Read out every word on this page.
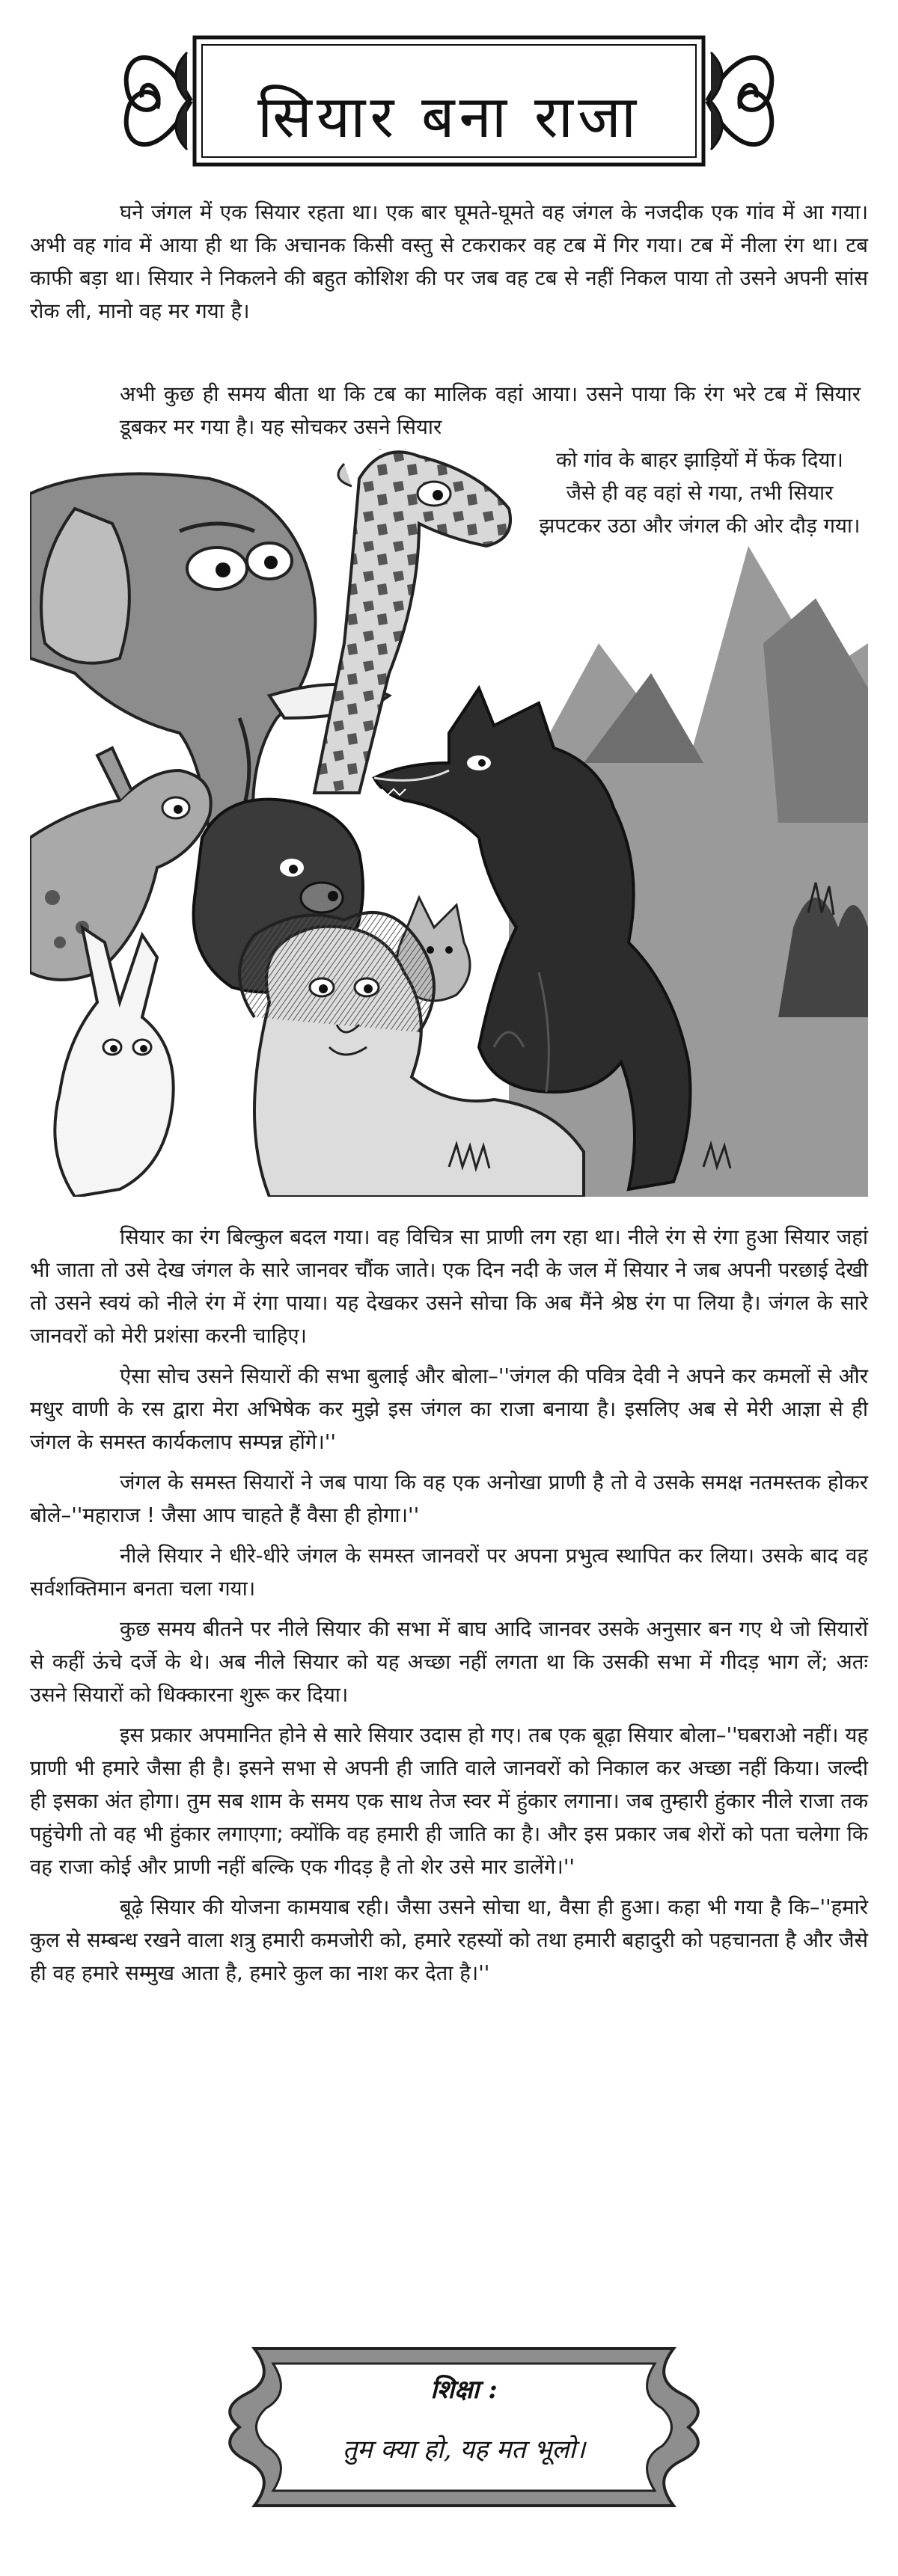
सियार बना राजा

घने जंगल में एक सियार रहता था। एक बार घूमते-घूमते वह जंगल के नजदीक एक गांव में आ गया। अभी वह गांव में आया ही था कि अचानक किसी वस्तु से टकराकर वह टब में गिर गया। टब में नीला रंग था। टब काफी बड़ा था। सियार ने निकलने की बहुत कोशिश की पर जब वह टब से नहीं निकल पाया तो उसने अपनी सांस रोक ली, मानो वह मर गया है।

अभी कुछ ही समय बीता था कि टब का मालिक वहां आया। उसने पाया कि रंग भरे टब में सियार डूबकर मर गया है। यह सोचकर उसने सियार

को गांव के बाहर झाड़ियों में फेंक दिया। जैसे ही वह वहां से गया, तभी सियार झपटकर उठा और जंगल की ओर दौड़ गया।

सियार का रंग बिल्कुल बदल गया। वह विचित्र सा प्राणी लग रहा था। नीले रंग से रंगा हुआ सियार जहां भी जाता तो उसे देख जंगल के सारे जानवर चौंक जाते। एक दिन नदी के जल में सियार ने जब अपनी परछाई देखी तो उसने स्वयं को नीले रंग में रंगा पाया। यह देखकर उसने सोचा कि अब मैंने श्रेष्ठ रंग पा लिया है। जंगल के सारे जानवरों को मेरी प्रशंसा करनी चाहिए।

ऐसा सोच उसने सियारों की सभा बुलाई और बोला–''जंगल की पवित्र देवी ने अपने कर कमलों से और मधुर वाणी के रस द्वारा मेरा अभिषेक कर मुझे इस जंगल का राजा बनाया है। इसलिए अब से मेरी आज्ञा से ही जंगल के समस्त कार्यकलाप सम्पन्न होंगे।''

जंगल के समस्त सियारों ने जब पाया कि वह एक अनोखा प्राणी है तो वे उसके समक्ष नतमस्तक होकर बोले–''महाराज ! जैसा आप चाहते हैं वैसा ही होगा।''

नीले सियार ने धीरे-धीरे जंगल के समस्त जानवरों पर अपना प्रभुत्व स्थापित कर लिया। उसके बाद वह सर्वशक्तिमान बनता चला गया।

कुछ समय बीतने पर नीले सियार की सभा में बाघ आदि जानवर उसके अनुसार बन गए थे जो सियारों से कहीं ऊंचे दर्जे के थे। अब नीले सियार को यह अच्छा नहीं लगता था कि उसकी सभा में गीदड़ भाग लें; अतः उसने सियारों को धिक्कारना शुरू कर दिया।

इस प्रकार अपमानित होने से सारे सियार उदास हो गए। तब एक बूढ़ा सियार बोला–''घबराओ नहीं। यह प्राणी भी हमारे जैसा ही है। इसने सभा से अपनी ही जाति वाले जानवरों को निकाल कर अच्छा नहीं किया। जल्दी ही इसका अंत होगा। तुम सब शाम के समय एक साथ तेज स्वर में हुंकार लगाना। जब तुम्हारी हुंकार नीले राजा तक पहुंचेगी तो वह भी हुंकार लगाएगा; क्योंकि वह हमारी ही जाति का है। और इस प्रकार जब शेरों को पता चलेगा कि वह राजा कोई और प्राणी नहीं बल्कि एक गीदड़ है तो शेर उसे मार डालेंगे।''

बूढ़े सियार की योजना कामयाब रही। जैसा उसने सोचा था, वैसा ही हुआ। कहा भी गया है कि–''हमारे कुल से सम्बन्ध रखने वाला शत्रु हमारी कमजोरी को, हमारे रहस्यों को तथा हमारी बहादुरी को पहचानता है और जैसे ही वह हमारे सम्मुख आता है, हमारे कुल का नाश कर देता है।''

शिक्षा :
तुम क्या हो, यह मत भूलो।
